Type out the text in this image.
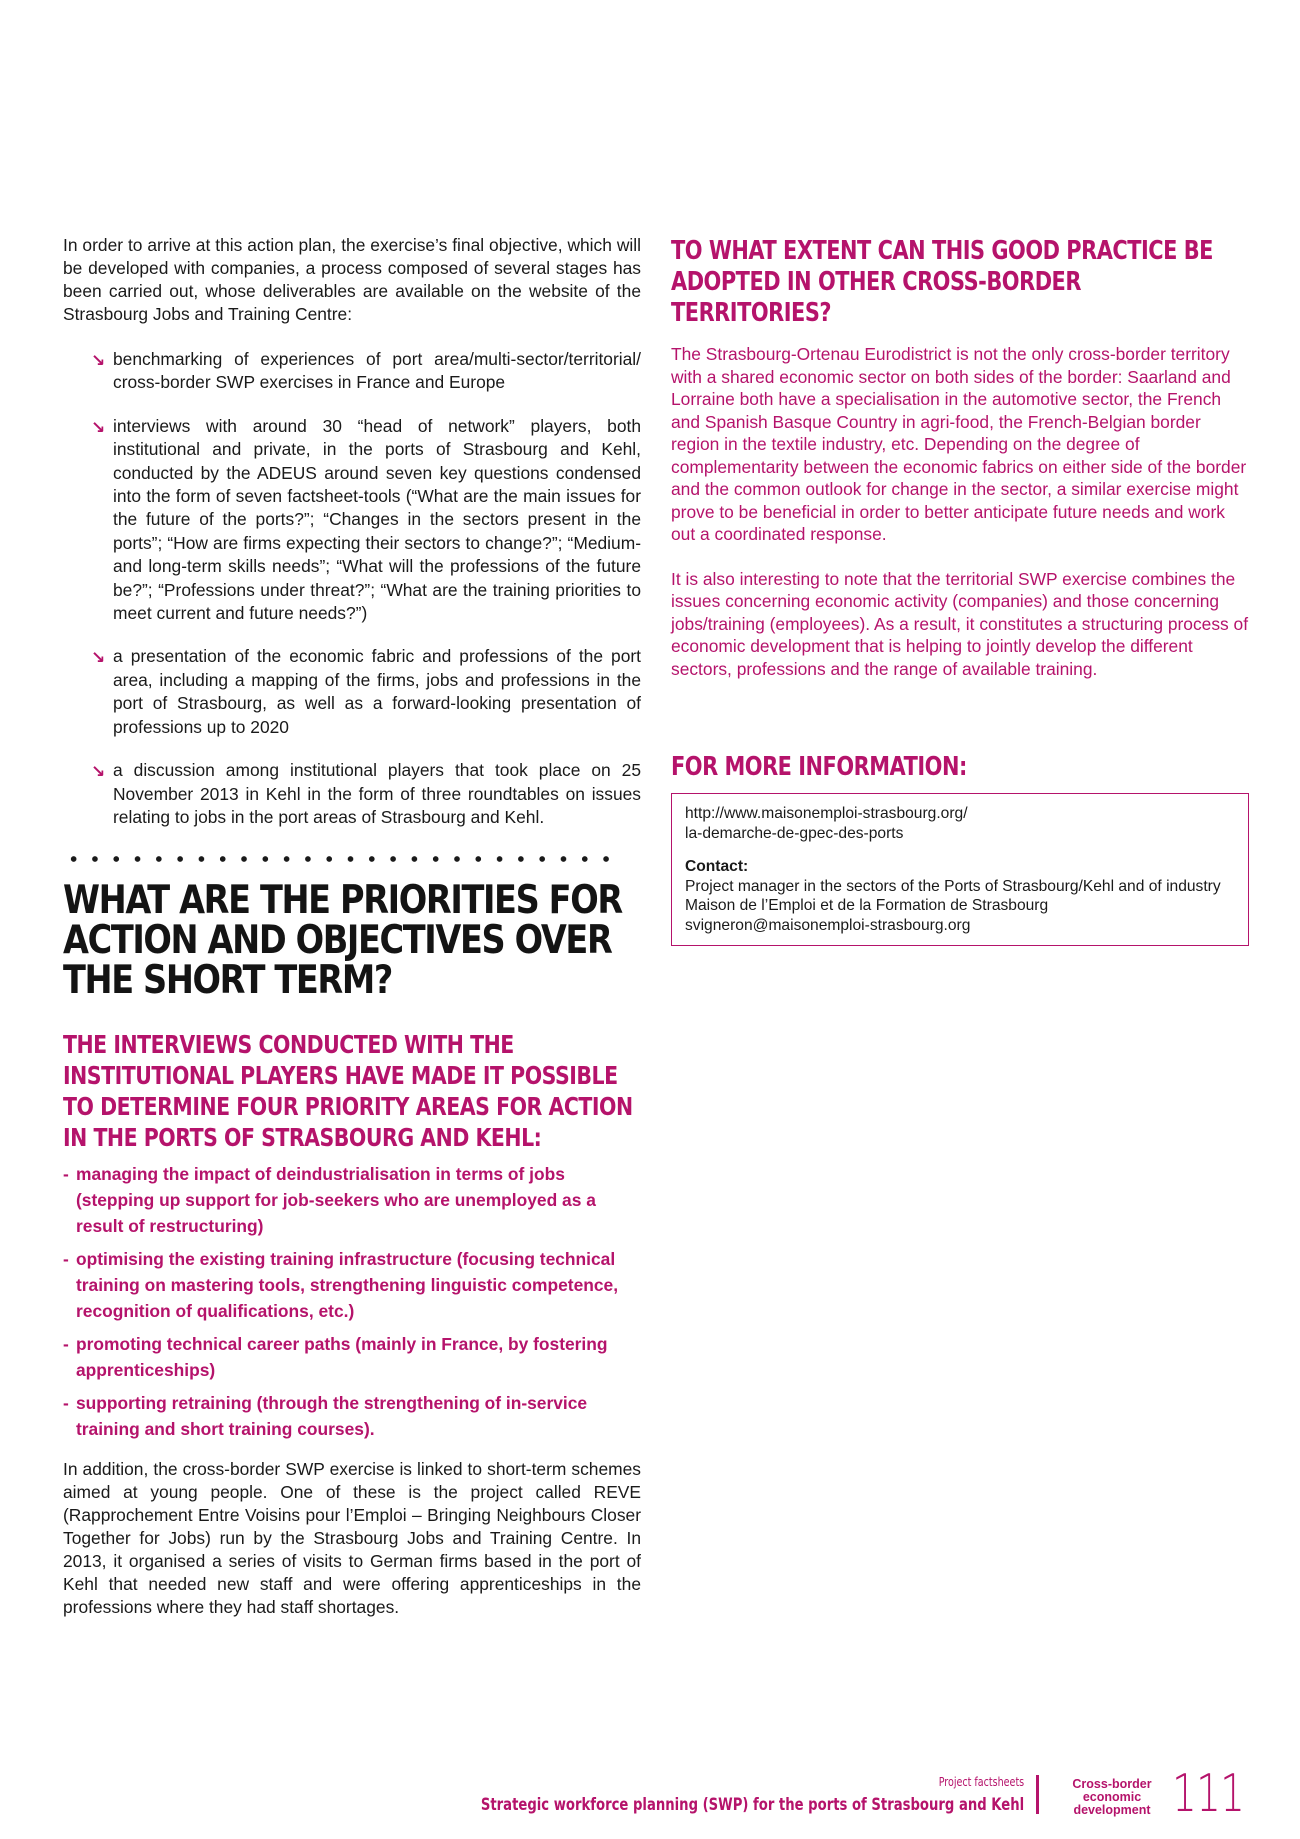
In order to arrive at this action plan, the exercise’s final objective, which will be developed with companies, a process composed of several stages has been carried out, whose deliverables are available on the website of the Strasbourg Jobs and Training Centre:

↘ benchmarking of experiences of port area/multi-sector/territorial/ cross-border SWP exercises in France and Europe
↘ interviews with around 30 “head of network” players, both institutional and private, in the ports of Strasbourg and Kehl, conducted by the ADEUS around seven key questions condensed into the form of seven factsheet-tools (“What are the main issues for the future of the ports?”; “Changes in the sectors present in the ports”; “How are firms expecting their sectors to change?”; “Medium- and long-term skills needs”; “What will the professions of the future be?”; “Professions under threat?”; “What are the training priorities to meet current and future needs?”)
↘ a presentation of the economic fabric and professions of the port area, including a mapping of the firms, jobs and professions in the port of Strasbourg, as well as a forward-looking presentation of professions up to 2020
↘ a discussion among institutional players that took place on 25 November 2013 in Kehl in the form of three roundtables on issues relating to jobs in the port areas of Strasbourg and Kehl.
WHAT ARE THE PRIORITIES FOR ACTION AND OBJECTIVES OVER THE SHORT TERM?
THE INTERVIEWS CONDUCTED WITH THE INSTITUTIONAL PLAYERS HAVE MADE IT POSSIBLE TO DETERMINE FOUR PRIORITY AREAS FOR ACTION IN THE PORTS OF STRASBOURG AND KEHL:
- managing the impact of deindustrialisation in terms of jobs (stepping up support for job-seekers who are unemployed as a result of restructuring)
- optimising the existing training infrastructure (focusing technical training on mastering tools, strengthening linguistic competence, recognition of qualifications, etc.)
- promoting technical career paths (mainly in France, by fostering apprenticeships)
- supporting retraining (through the strengthening of in-service training and short training courses).

In addition, the cross-border SWP exercise is linked to short-term schemes aimed at young people. One of these is the project called REVE (Rapprochement Entre Voisins pour l’Emploi – Bringing Neighbours Closer Together for Jobs) run by the Strasbourg Jobs and Training Centre. In 2013, it organised a series of visits to German firms based in the port of Kehl that needed new staff and were offering apprenticeships in the professions where they had staff shortages.

TO WHAT EXTENT CAN THIS GOOD PRACTICE BE ADOPTED IN OTHER CROSS-BORDER TERRITORIES?

The Strasbourg-Ortenau Eurodistrict is not the only cross-border territory with a shared economic sector on both sides of the border: Saarland and Lorraine both have a specialisation in the automotive sector, the French and Spanish Basque Country in agri-food, the French-Belgian border region in the textile industry, etc. Depending on the degree of complementarity between the economic fabrics on either side of the border and the common outlook for change in the sector, a similar exercise might prove to be beneficial in order to better anticipate future needs and work out a coordinated response.

It is also interesting to note that the territorial SWP exercise combines the issues concerning economic activity (companies) and those concerning jobs/training (employees). As a result, it constitutes a structuring process of economic development that is helping to jointly develop the different sectors, professions and the range of available training.

FOR MORE INFORMATION:

http://www.maisonemploi-strasbourg.org/

la-demarche-de-gpec-des-ports

Contact:

Project manager in the sectors of the Ports of Strasbourg/Kehl and of industry

Maison de l’Emploi et de la Formation de Strasbourg

svigneron@maisonemploi-strasbourg.org

Project factsheets
Strategic workforce planning (SWP) for the ports of Strasbourg and Kehl
Cross-border
economic
development 111
